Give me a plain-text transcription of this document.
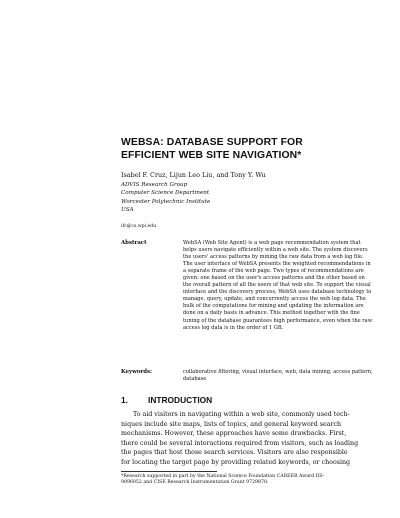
WEBSA: DATABASE SUPPORT FOR
EFFICIENT WEB SITE NAVIGATION*
Isabel F. Cruz, Lijun Leo Liu, and Tony Y. Wu
ADVIS Research Group
Computer Science Department
Worcester Polytechnic Institute
USA
ifc@cs.wpi.edu
Abstract	WebSA (Web Site Agent) is a web page recommendation system that
helps users navigate efficiently within a web site. The system discovers
the users' access patterns by mining the raw data from a web log file.
The user interface of WebSA presents the weighted recommendations in
a separate frame of the web page. Two types of recommendations are
given: one based on the user's access patterns and the other based on
the overall pattern of all the users of that web site. To support the visual
interface and the discovery process, WebSA uses database technology to
manage, query, update, and concurrently access the web log data. The
bulk of the computations for mining and updating the information are
done on a daily basis in advance. This method together with the fine
tuning of the database guarantees high performance, even when the raw
access log data is in the order of 1 GB.
Keywords:	collaborative filtering, visual interface, web, data mining, access pattern,
database
1. INTRODUCTION
To aid visitors in navigating within a web site, commonly used tech-
niques include site maps, lists of topics, and general keyword search
mechanisms. However, these approaches have some drawbacks. First,
there could be several interactions required from visitors, such as loading
the pages that host those search services. Visitors are also responsible
for locating the target page by providing related keywords, or choosing
*Research supported in part by the National Science Foundation CAREER Award IIS-
9896052 and CISE Research Instrumentation Grant 9729878.
